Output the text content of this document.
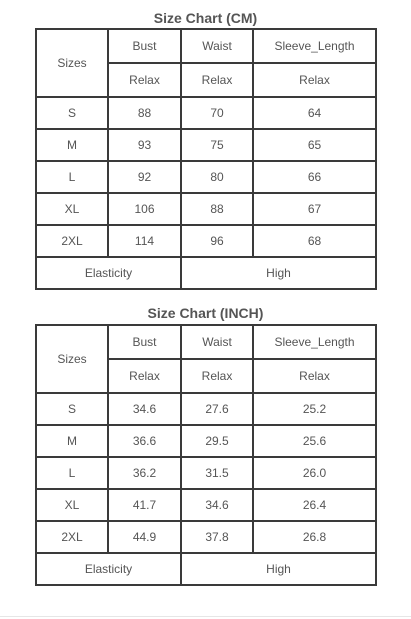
Size Chart (CM)
Sizes	Bust	Waist	Sleeve_Length
	Relax	Relax	Relax
S	88	70	64
M	93	75	65
L	92	80	66
XL	106	88	67
2XL	114	96	68
Elasticity		High	
Size Chart (INCH)
Sizes	Bust	Waist	Sleeve_Length
	Relax	Relax	Relax
S	34.6	27.6	25.2
M	36.6	29.5	25.6
L	36.2	31.5	26.0
XL	41.7	34.6	26.4
2XL	44.9	37.8	26.8
Elasticity		High	
